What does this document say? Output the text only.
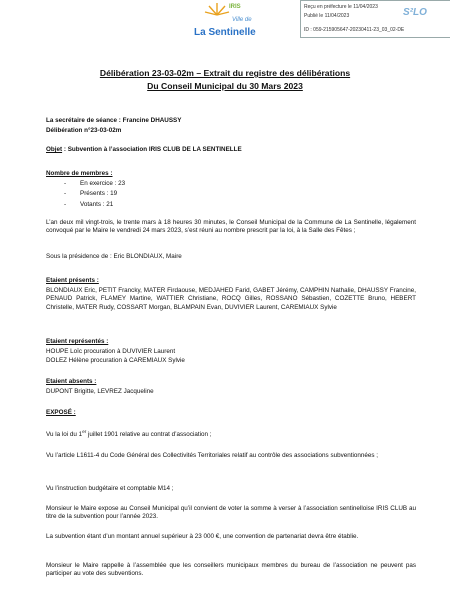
IRIS
Ville de
La Sentinelle
Reçu en préfecture le 11/04/2023
Publié le 11/04/2023
ID : 059-215905647-20230411-23_03_02-DE
S²LO
Délibération 23-03-02m – Extrait du registre des délibérations
Du Conseil Municipal du 30 Mars 2023
La secrétaire de séance : Francine DHAUSSY
Délibération n°23-03-02m
Objet : Subvention à l’association IRIS CLUB DE LA SENTINELLE
Nombre de membres :
- En exercice : 23
- Présents : 19
- Votants : 21
L’an deux mil vingt-trois, le trente mars à 18 heures 30 minutes, le Conseil Municipal de la Commune de La Sentinelle, légalement convoqué par le Maire le vendredi 24 mars 2023, s’est réuni au nombre prescrit par la loi, à la Salle des Fêtes ;
Sous la présidence de : Eric BLONDIAUX, Maire
Etaient présents :
BLONDIAUX Eric, PETIT Francky, MATER Firdaouse, MEDJAHED Farid, GABET Jérémy, CAMPHIN Nathalie, DHAUSSY Francine, PENAUD Patrick, FLAMEY Martine, WATTIER Christiane, ROCQ Gilles, ROSSANO Sébastien, COZETTE Bruno, HEBERT Christelle, MATER Rudy, COSSART Morgan, BLAMPAIN Evan, DUVIVIER Laurent, CAREMIAUX Sylvie
Etaient représentés :
HOUPE Loïc procuration à DUVIVIER Laurent
DOLEZ Hélène procuration à CAREMIAUX Sylvie
Etaient absents :
DUPONT Brigitte, LEVREZ Jacqueline
EXPOSÉ :
Vu la loi du 1er juillet 1901 relative au contrat d’association ;
Vu l’article L1611-4 du Code Général des Collectivités Territoriales relatif au contrôle des associations subventionnées ;
Vu l’instruction budgétaire et comptable M14 ;
Monsieur le Maire expose au Conseil Municipal qu’il convient de voter la somme à verser à l’association sentinelloise IRIS CLUB au titre de la subvention pour l’année 2023.
La subvention étant d’un montant annuel supérieur à 23 000 €, une convention de partenariat devra être établie.
Monsieur le Maire rappelle à l’assemblée que les conseillers municipaux membres du bureau de l’association ne peuvent pas participer au vote des subventions.
